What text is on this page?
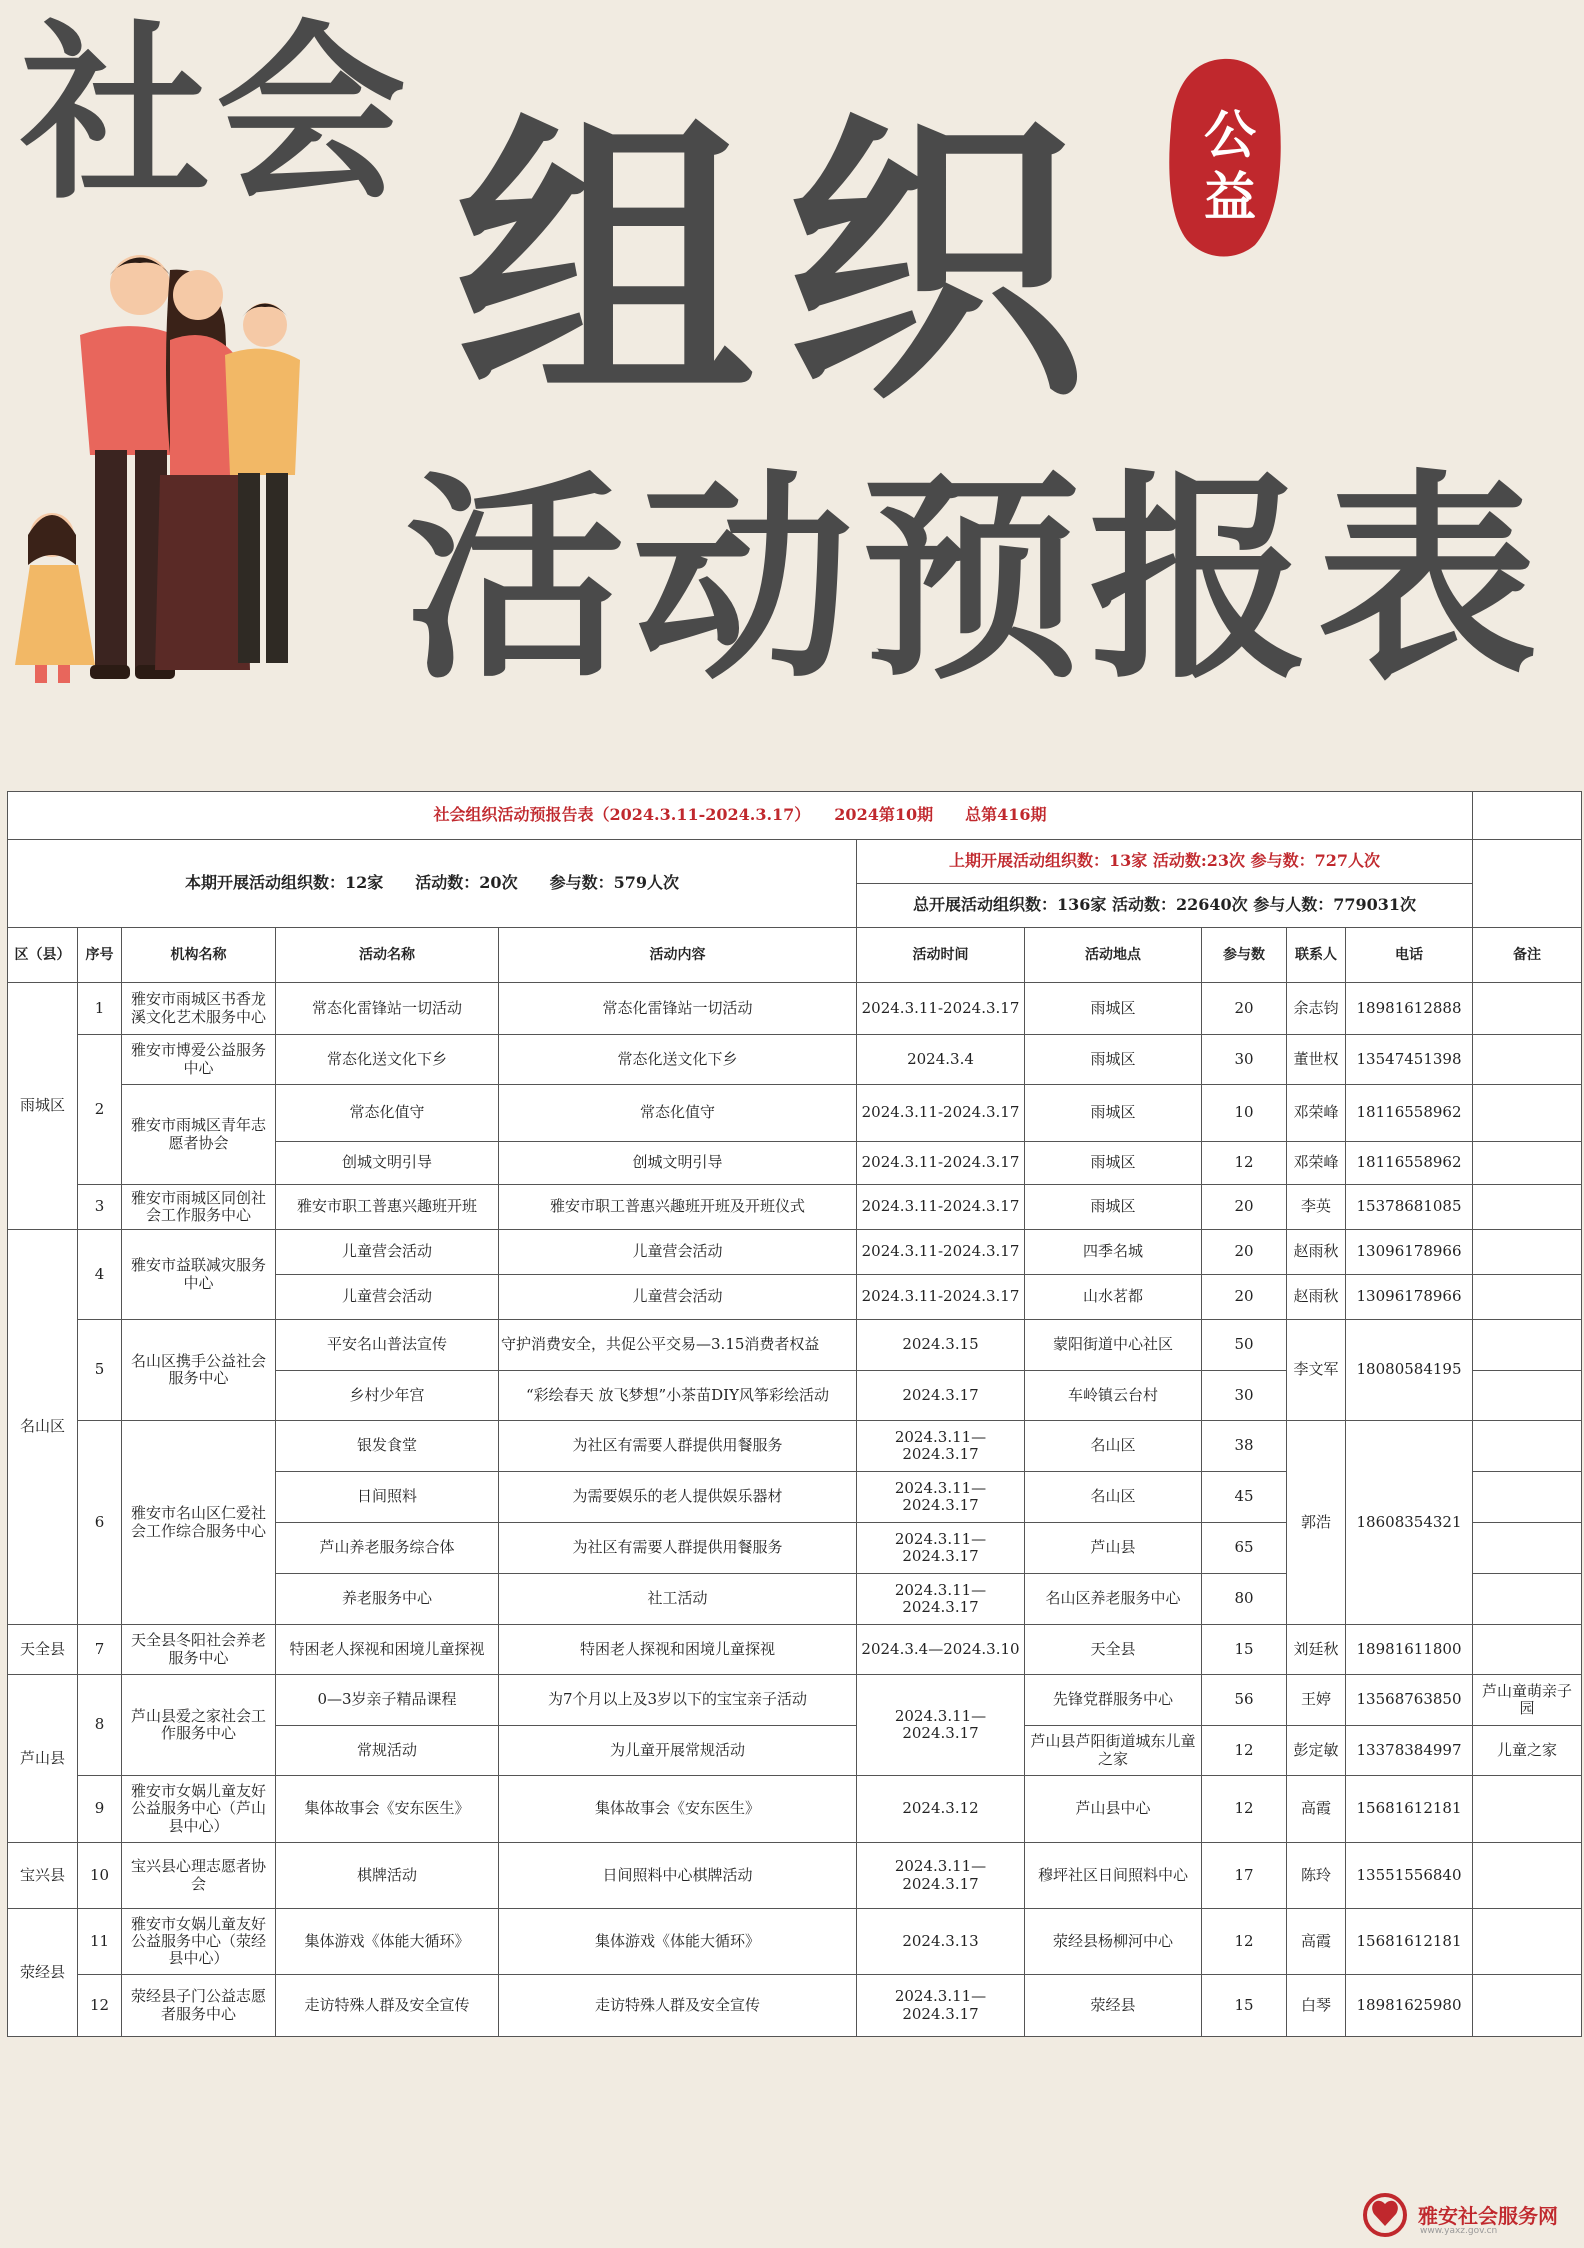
社会 组织
活动预报表
公益
社会组织活动预报告表（2024.3.11-2024.3.17）　　2024第10期　　总第416期										
本期开展活动组织数：12家　　活动数：20次　　参与数：579人次					上期开展活动组织数：13家 活动数:23次 参与数：727人次					
					总开展活动组织数：136家 活动数：22640次 参与人数：779031次					
区（县）	序号	机构名称	活动名称	活动内容	活动时间	活动地点	参与数	联系人	电话	备注
雨城区	1	雅安市雨城区书香龙溪文化艺术服务中心	常态化雷锋站一切活动	常态化雷锋站一切活动	2024.3.11-2024.3.17	雨城区	20	余志钧	18981612888	
	2	雅安市博爱公益服务中心	常态化送文化下乡	常态化送文化下乡	2024.3.4	雨城区	30	董世权	13547451398	
		雅安市雨城区青年志愿者协会	常态化值守	常态化值守	2024.3.11-2024.3.17	雨城区	10	邓荣峰	18116558962	
			创城文明引导	创城文明引导	2024.3.11-2024.3.17	雨城区	12	邓荣峰	18116558962	
	3	雅安市雨城区同创社会工作服务中心	雅安市职工普惠兴趣班开班	雅安市职工普惠兴趣班开班及开班仪式	2024.3.11-2024.3.17	雨城区	20	李英	15378681085	
名山区	4	雅安市益联减灾服务中心	儿童营会活动	儿童营会活动	2024.3.11-2024.3.17	四季名城	20	赵雨秋	13096178966	
			儿童营会活动	儿童营会活动	2024.3.11-2024.3.17	山水茗都	20	赵雨秋	13096178966	
	5	名山区携手公益社会服务中心	平安名山普法宣传	守护消费安全，共促公平交易—3.15消费者权益	2024.3.15	蒙阳街道中心社区	50	李文军	18080584195	
			乡村少年宫	“彩绘春天 放飞梦想”小茶苗DIY风筝彩绘活动	2024.3.17	车岭镇云台村	30			
	6	雅安市名山区仁爱社会工作综合服务中心	银发食堂	为社区有需要人群提供用餐服务	2024.3.11—2024.3.17	名山区	38	郭浩	18608354321	
			日间照料	为需要娱乐的老人提供娱乐器材	2024.3.11—2024.3.17	名山区	45			
			芦山养老服务综合体	为社区有需要人群提供用餐服务	2024.3.11—2024.3.17	芦山县	65			
			养老服务中心	社工活动	2024.3.11—2024.3.17	名山区养老服务中心	80			
天全县	7	天全县冬阳社会养老服务中心	特困老人探视和困境儿童探视	特困老人探视和困境儿童探视	2024.3.4—2024.3.10	天全县	15	刘廷秋	18981611800	
芦山县	8	芦山县爱之家社会工作服务中心	0—3岁亲子精品课程	为7个月以上及3岁以下的宝宝亲子活动	2024.3.11—2024.3.17	先锋党群服务中心	56	王婷	13568763850	芦山童萌亲子园
			常规活动	为儿童开展常规活动		芦山县芦阳街道城东儿童之家	12	彭定敏	13378384997	儿童之家
	9	雅安市女娲儿童友好公益服务中心（芦山县中心）	集体故事会《安东医生》	集体故事会《安东医生》	2024.3.12	芦山县中心	12	高霞	15681612181	
宝兴县	10	宝兴县心理志愿者协会	棋牌活动	日间照料中心棋牌活动	2024.3.11—2024.3.17	穆坪社区日间照料中心	17	陈玲	13551556840	
荥经县	11	雅安市女娲儿童友好公益服务中心（荥经县中心）	集体游戏《体能大循环》	集体游戏《体能大循环》	2024.3.13	荥经县杨柳河中心	12	高霞	15681612181	
	12	荥经县子门公益志愿者服务中心	走访特殊人群及安全宣传	走访特殊人群及安全宣传	2024.3.11—2024.3.17	荥经县	15	白琴	18981625980	
雅安社会服务网
www.yaxz.gov.cn
